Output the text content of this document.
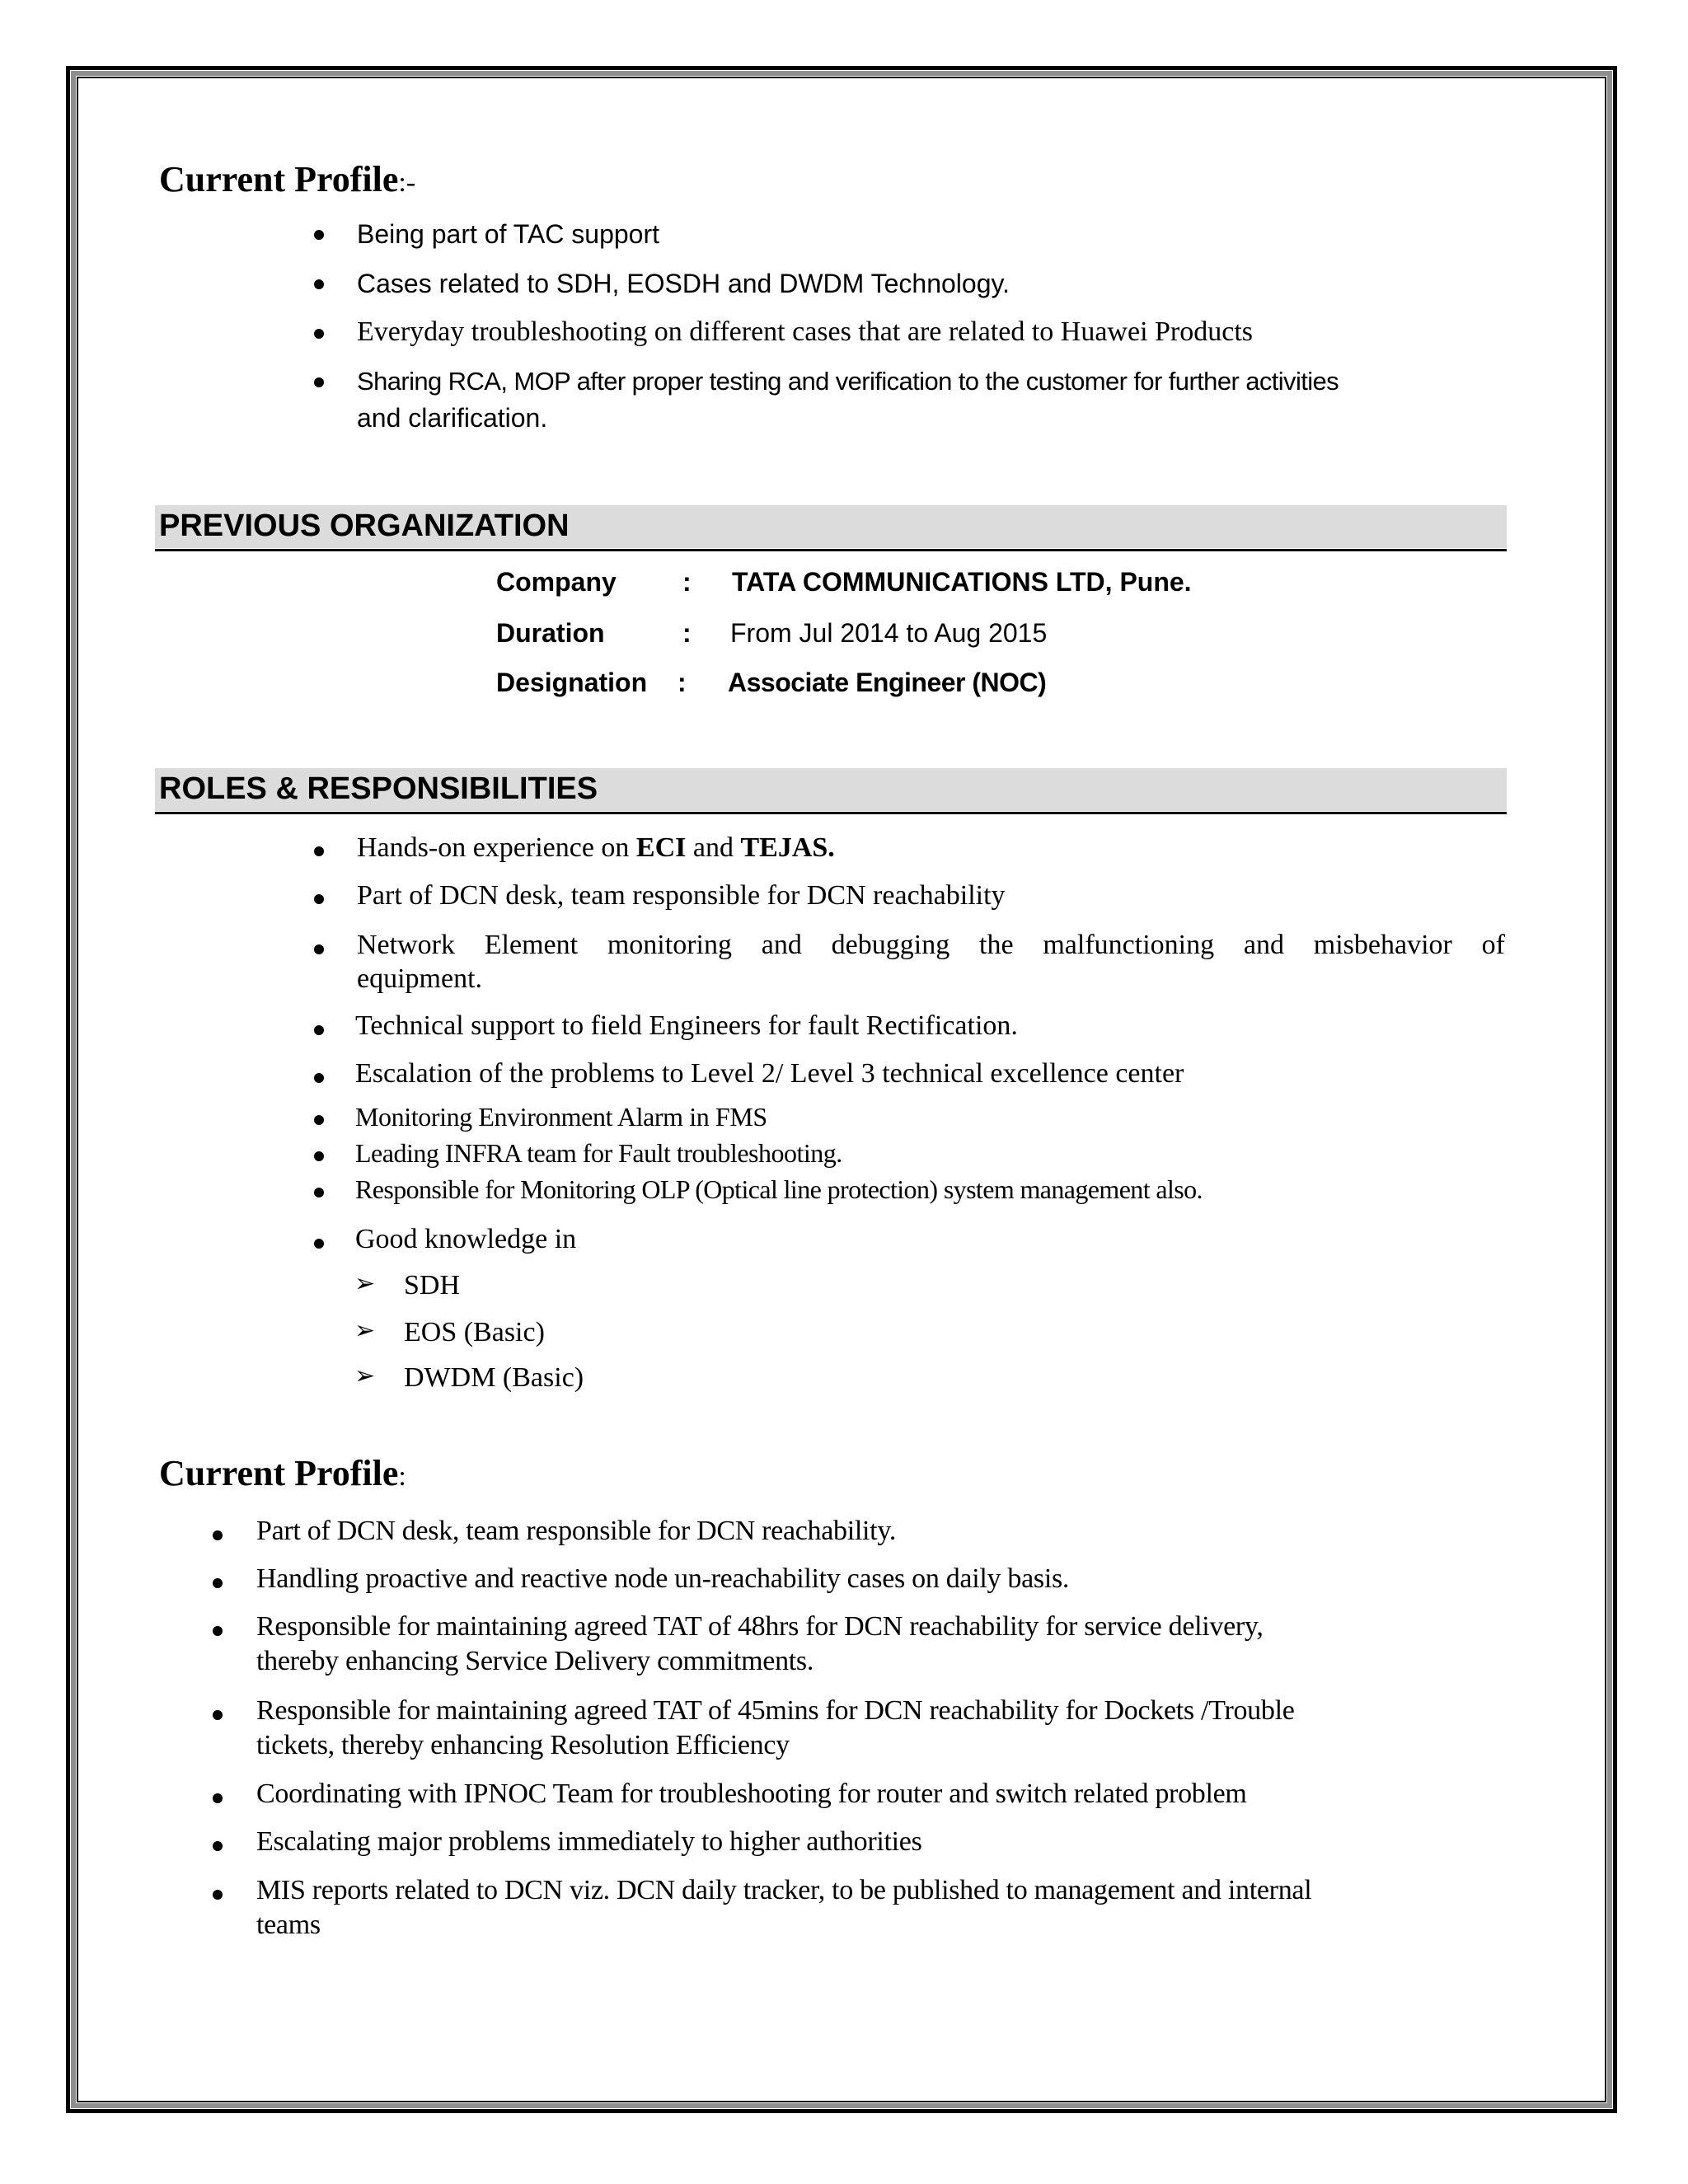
Current Profile:-
Being part of TAC support
Cases related to SDH, EOSDH and DWDM Technology.
Everyday troubleshooting on different cases that are related to Huawei Products
Sharing RCA, MOP after proper testing and verification to the customer for further activities
and clarification.
PREVIOUS ORGANIZATION
Company	: TATA COMMUNICATIONS LTD, Pune.
Duration	: From Jul 2014 to Aug 2015
Designation : Associate Engineer (NOC)
ROLES & RESPONSIBILITIES
Hands-on experience on ECI and TEJAS.
Part of DCN desk, team responsible for DCN reachability
Network Element monitoring and debugging the malfunctioning and misbehavior of
equipment.
Technical support to field Engineers for fault Rectification.
Escalation of the problems to Level 2/ Level 3 technical excellence center
Monitoring Environment Alarm in FMS
Leading INFRA team for Fault troubleshooting.
Responsible for Monitoring OLP (Optical line protection) system management also.
Good knowledge in
➢ SDH
➢ EOS (Basic)
➢ DWDM (Basic)
Current Profile:
Part of DCN desk, team responsible for DCN reachability.
Handling proactive and reactive node un-reachability cases on daily basis.
Responsible for maintaining agreed TAT of 48hrs for DCN reachability for service delivery,
thereby enhancing Service Delivery commitments.
Responsible for maintaining agreed TAT of 45mins for DCN reachability for Dockets /Trouble
tickets, thereby enhancing Resolution Efficiency
Coordinating with IPNOC Team for troubleshooting for router and switch related problem
Escalating major problems immediately to higher authorities
MIS reports related to DCN viz. DCN daily tracker, to be published to management and internal
teams
